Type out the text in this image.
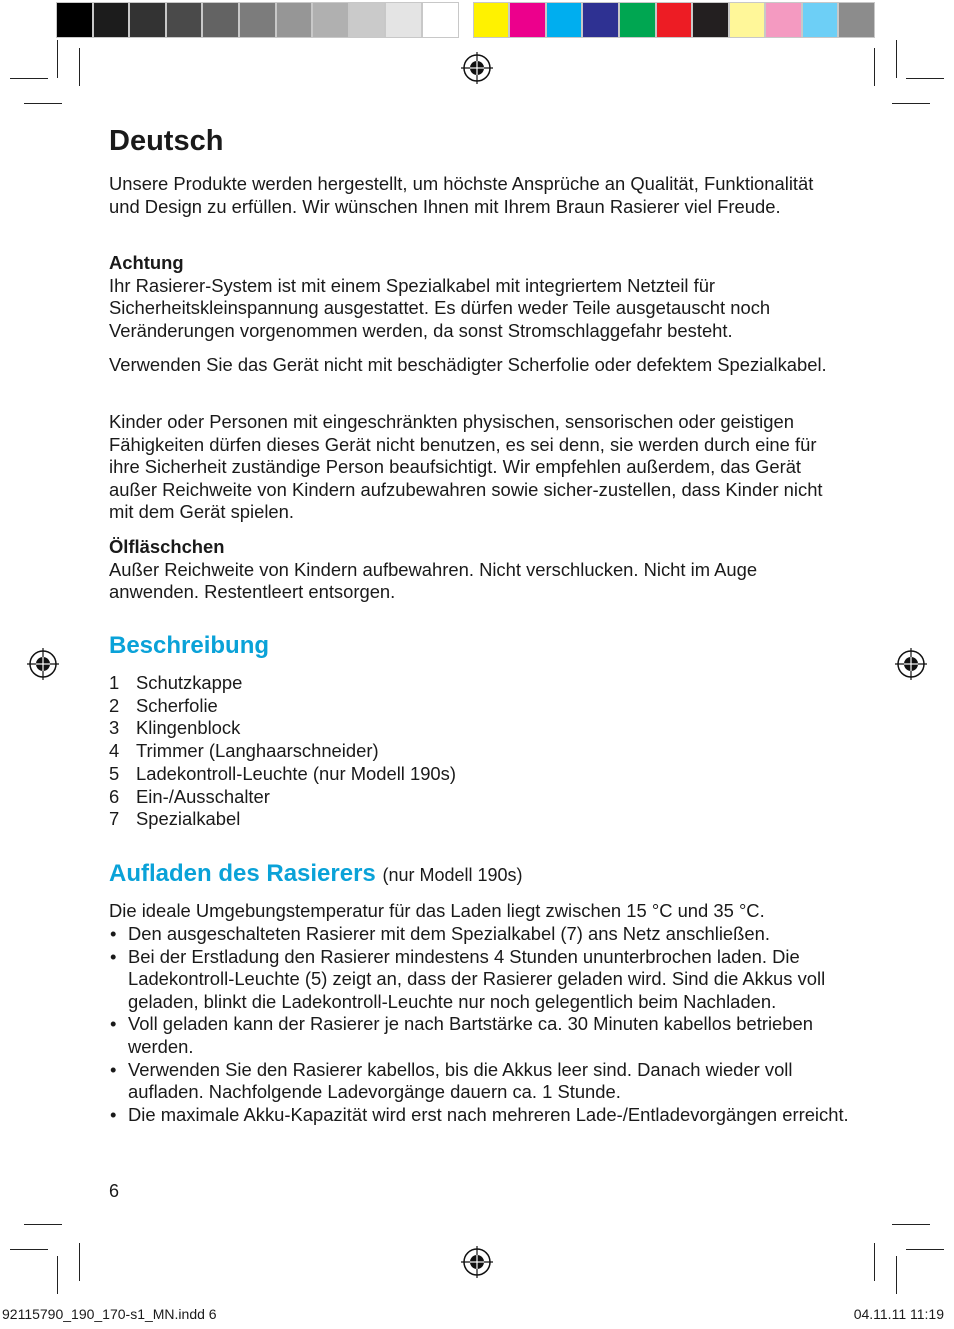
Deutsch

Unsere Produkte werden hergestellt, um höchste Ansprüche an Qualität, Funktionalität und Design zu erfüllen. Wir wünschen Ihnen mit Ihrem Braun Rasierer viel Freude.

Achtung
Ihr Rasierer-System ist mit einem Spezialkabel mit integriertem Netzteil für Sicherheitskleinspannung ausgestattet. Es dürfen weder Teile ausgetauscht noch Veränderungen vorgenommen werden, da sonst Stromschlaggefahr besteht.

Verwenden Sie das Gerät nicht mit beschädigter Scherfolie oder defektem Spezialkabel.

Kinder oder Personen mit eingeschränkten physischen, sensorischen oder geistigen Fähigkeiten dürfen dieses Gerät nicht benutzen, es sei denn, sie werden durch eine für ihre Sicherheit zuständige Person beaufsichtigt. Wir empfehlen außerdem, das Gerät außer Reichweite von Kindern aufzubewahren sowie sicher-zustellen, dass Kinder nicht mit dem Gerät spielen.

Ölfläschchen
Außer Reichweite von Kindern aufbewahren. Nicht verschlucken. Nicht im Auge anwenden. Restentleert entsorgen.

Beschreibung
1 Schutzkappe
2 Scherfolie
3 Klingenblock
4 Trimmer (Langhaarschneider)
5 Ladekontroll-Leuchte (nur Modell 190s)
6 Ein-/Ausschalter
7 Spezialkabel
Aufladen des Rasierers (nur Modell 190s)

Die ideale Umgebungstemperatur für das Laden liegt zwischen 15 °C und 35 °C.

• Den ausgeschalteten Rasierer mit dem Spezialkabel (7) ans Netz anschließen.
• Bei der Erstladung den Rasierer mindestens 4 Stunden ununterbrochen laden. Die Ladekontroll-Leuchte (5) zeigt an, dass der Rasierer geladen wird. Sind die Akkus voll geladen, blinkt die Ladekontroll-Leuchte nur noch gelegentlich beim Nachladen.
• Voll geladen kann der Rasierer je nach Bartstärke ca. 30 Minuten kabellos betrieben werden.
• Verwenden Sie den Rasierer kabellos, bis die Akkus leer sind. Danach wieder voll aufladen. Nachfolgende Ladevorgänge dauern ca. 1 Stunde.
• Die maximale Akku-Kapazität wird erst nach mehreren Lade-/Entladevorgängen erreicht.
6
92115790_190_170-s1_MN.indd 6	04.11.11 11:19
